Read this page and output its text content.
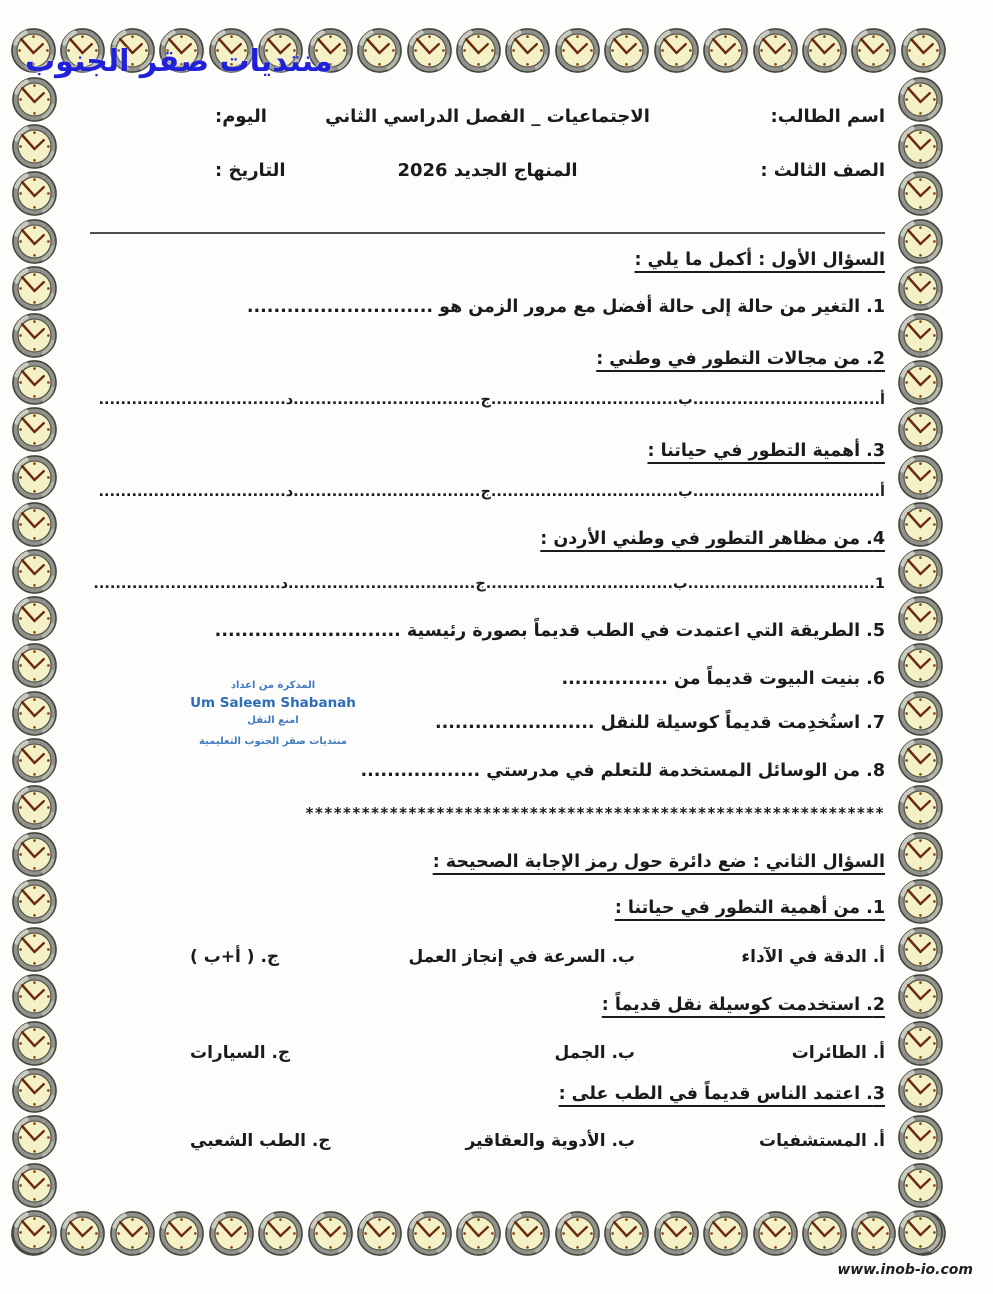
منتديات صقر الجنوب
اسم الطالب:
الاجتماعيات _ الفصل الدراسي الثاني
اليوم:
الصف الثالث :
المنهاج الجديد 2026
التاريخ :
السؤال الأول : أكمل ما يلي :
1. التغير من حالة إلى حالة أفضل مع مرور الزمن هو ............................
2. من مجالات التطور في وطني :
أ..................................ب..................................ج..................................د..................................
3. أهمية التطور في حياتنا :
أ..................................ب..................................ج..................................د..................................
4. من مظاهر التطور في وطني الأردن :
1..................................ب..................................ج..................................د..................................
5. الطريقة التي اعتمدت في الطب قديماً بصورة رئيسية ............................
6. بنيت البيوت قديماً من ................
7. استُخدِمت قديماً كوسيلة للنقل ........................
8. من الوسائل المستخدمة للتعلم في مدرستي ..................
**************************************************************
السؤال الثاني : ضع دائرة حول رمز الإجابة الصحيحة :
1. من أهمية التطور في حياتنا :
أ. الدقة في الآداء
ب. السرعة في إنجاز العمل
ج. ( أ+ب )
2. استخدمت كوسيلة نقل قديماً :
أ. الطائرات
ب. الجمل
ج. السيارات
3. اعتمد الناس قديماً في الطب على :
أ. المستشفيات
ب. الأدوية والعقاقير
ج. الطب الشعبي
المذكرة من اعداد
Um Saleem Shabanah
امنع النقل
منتديات صقر الجنوب التعليمية
www.inob-io.com
